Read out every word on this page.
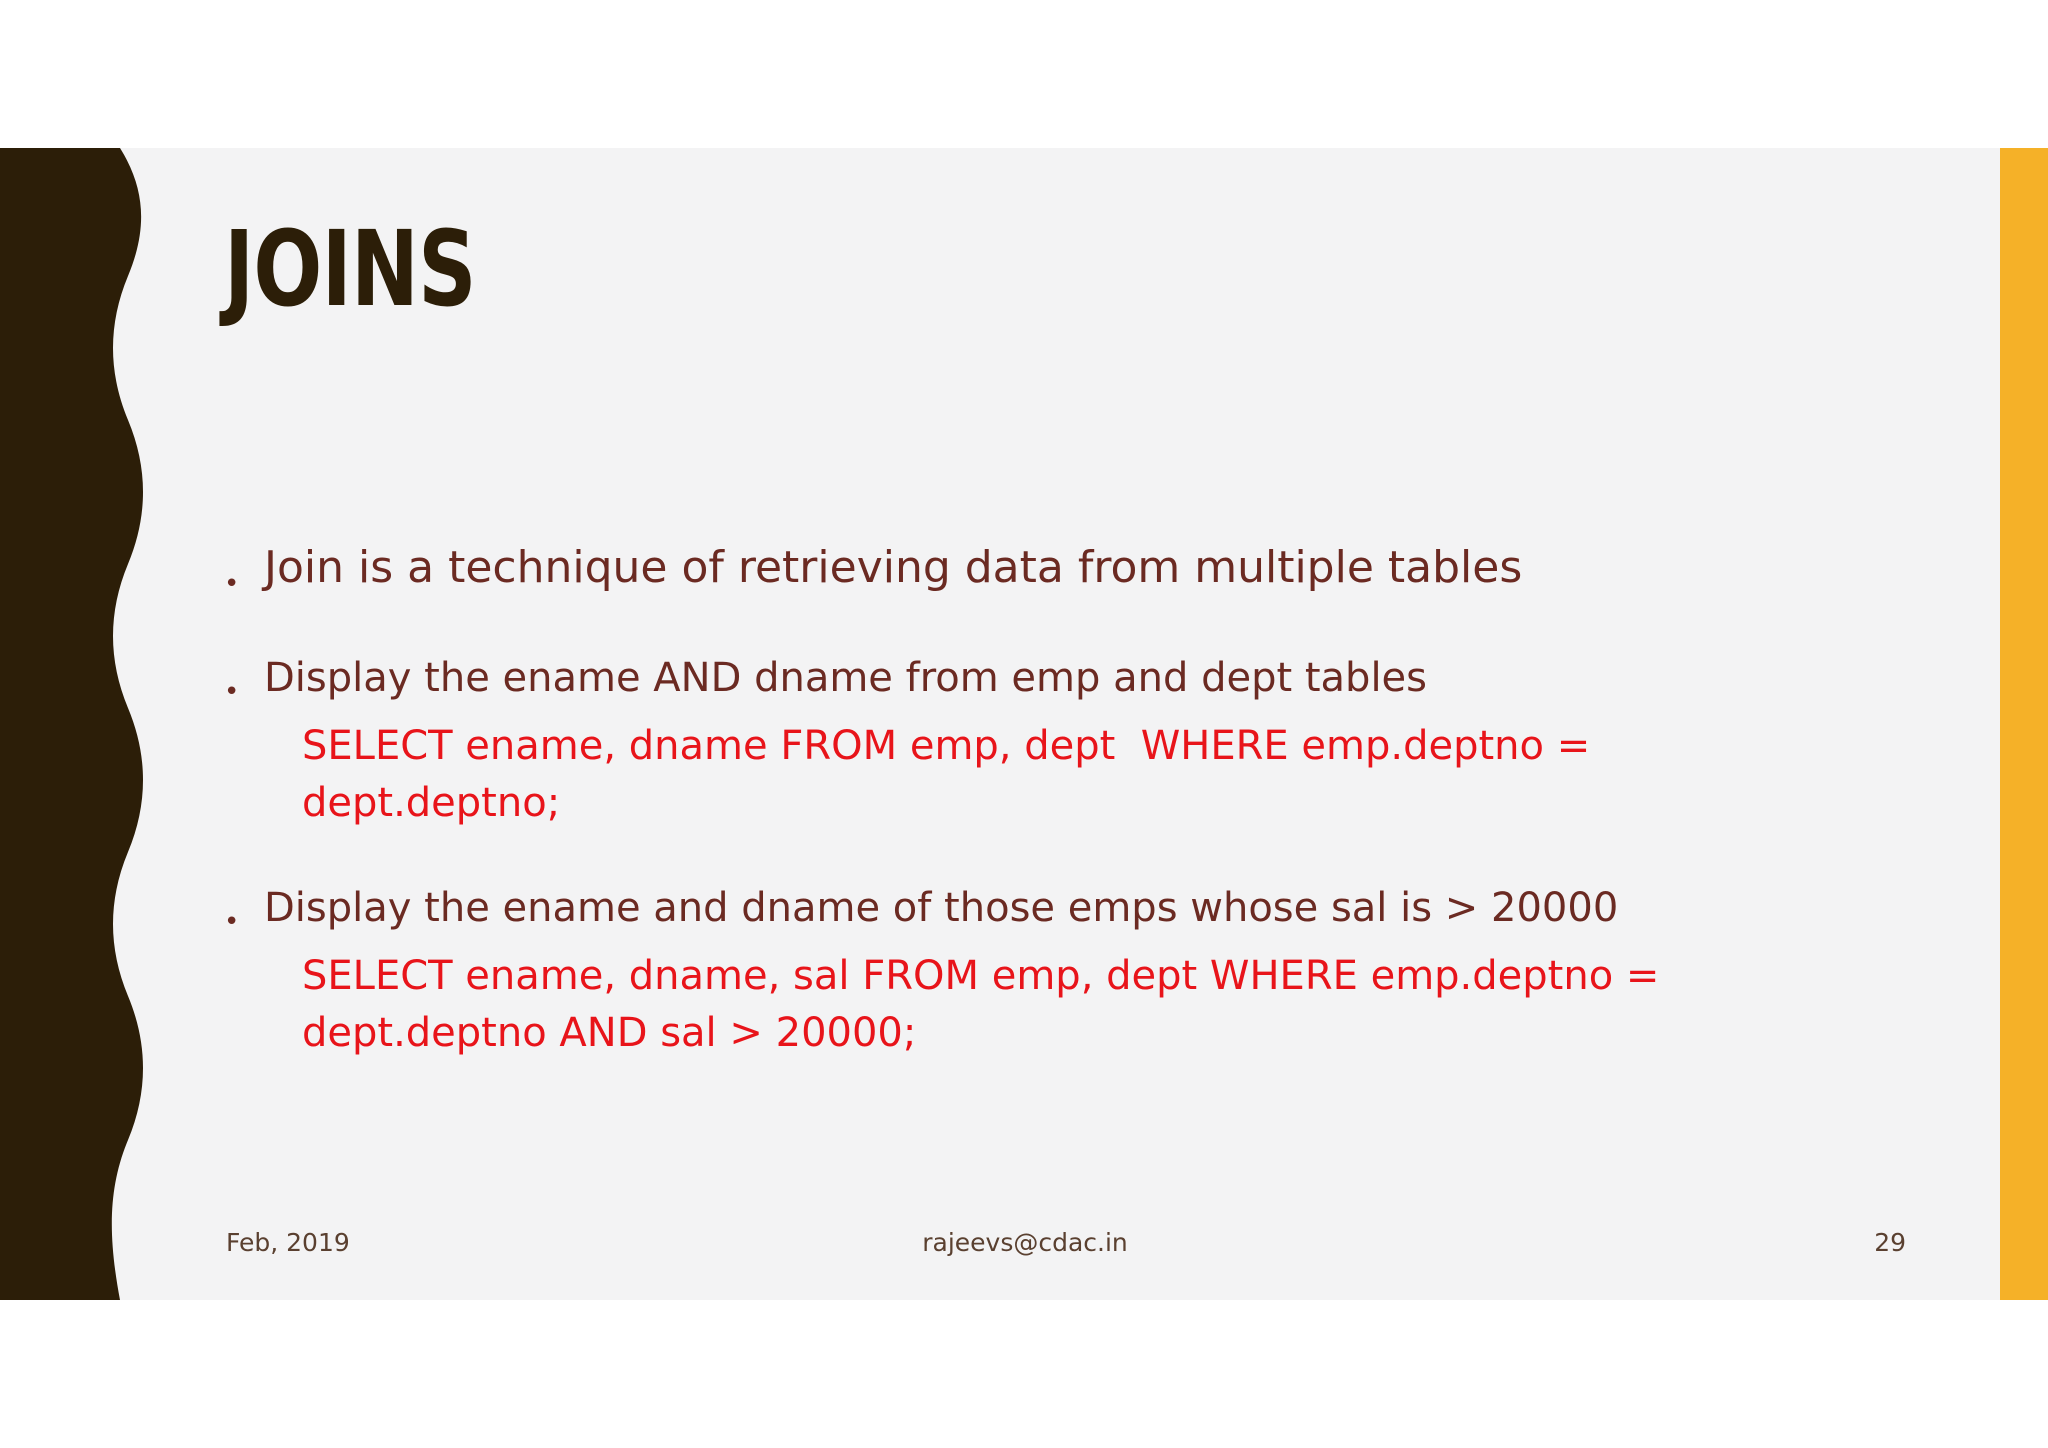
JOINS

• Join is a technique of retrieving data from multiple tables

• Display the ename AND dname from emp and dept tables

SELECT ename, dname FROM emp, dept  WHERE emp.deptno = dept.deptno;

• Display the ename and dname of those emps whose sal is > 20000

SELECT ename, dname, sal FROM emp, dept WHERE emp.deptno = dept.deptno AND sal > 20000;

Feb, 2019	rajeevs@cdac.in	29
